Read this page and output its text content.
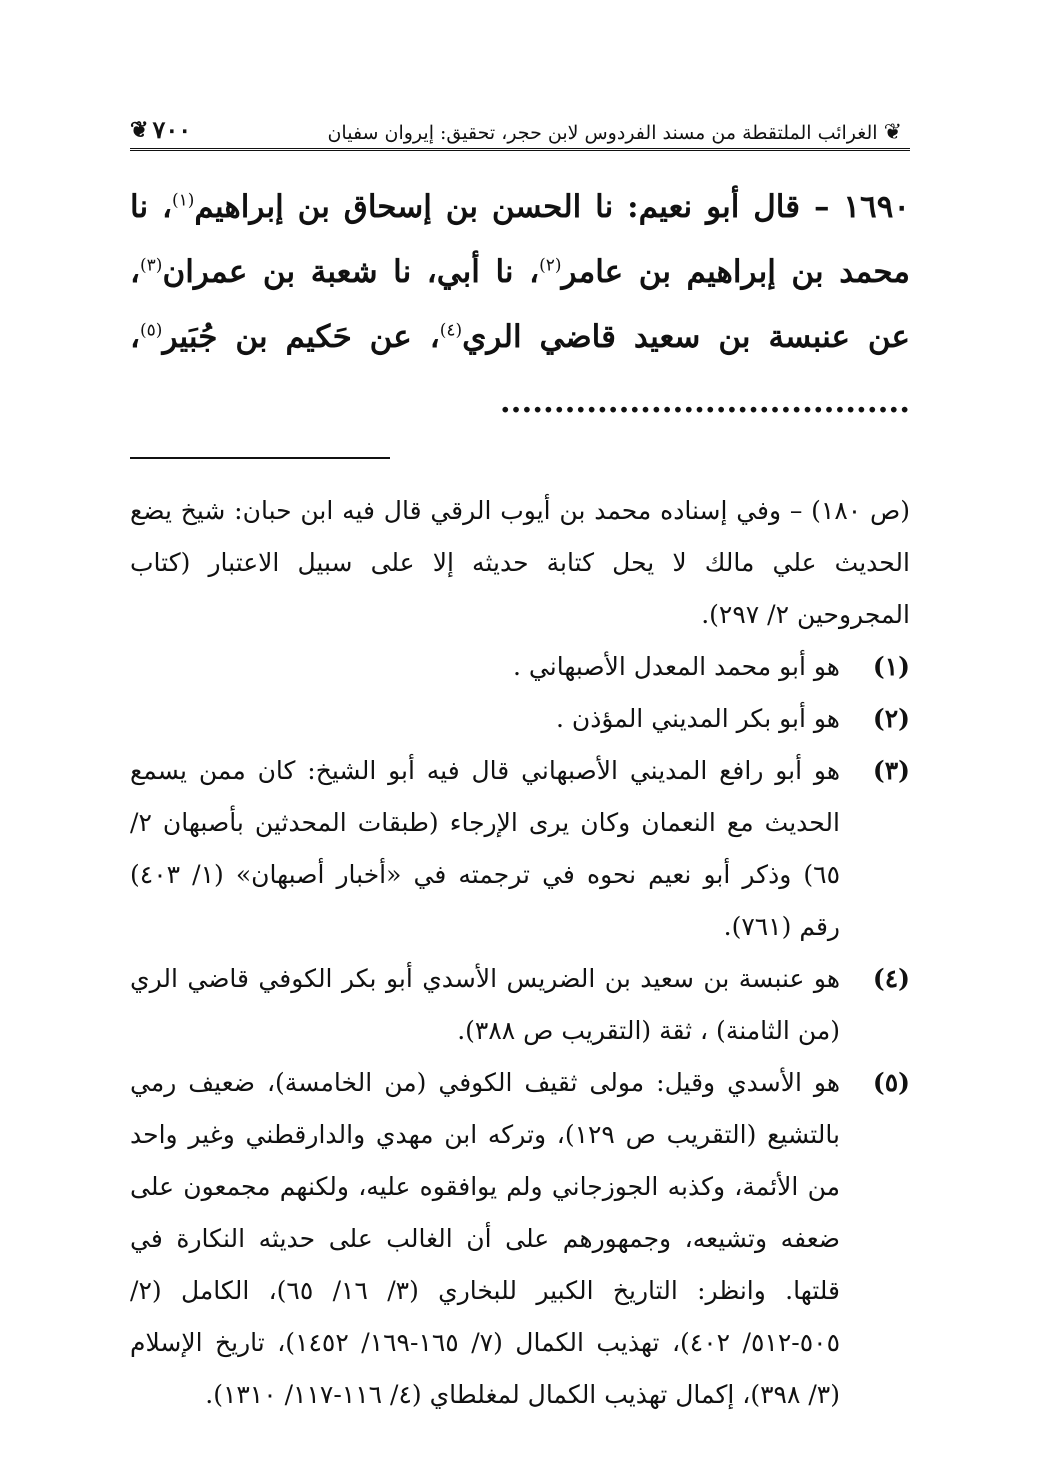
❦ الغرائب الملتقطة من مسند الفردوس لابن حجر، تحقيق: إيروان سفيان
٧٠٠
❦
١٦٩٠ – قال أبو نعيم: نا الحسن بن إسحاق بن إبراهيم$^{(١)}$، نا محمد بن إبراهيم بن عامر$^{(٢)}$، نا أبي، نا شعبة بن عمران$^{(٣)}$، عن عنبسة بن سعيد قاضي الري$^{(٤)}$، عن حَكيم بن جُبَير$^{(٥)}$، ......................................

(ص ١٨٠) – وفي إسناده محمد بن أيوب الرقي قال فيه ابن حبان: شيخ يضع الحديث علي مالك لا يحل كتابة حديثه إلا على سبيل الاعتبار (كتاب المجروحين ٢/ ٢٩٧).

(١)
هو أبو محمد المعدل الأصبهاني .
(٢)
هو أبو بكر المديني المؤذن .
(٣)
هو أبو رافع المديني الأصبهاني قال فيه أبو الشيخ: كان ممن يسمع الحديث مع النعمان وكان يرى الإرجاء (طبقات المحدثين بأصبهان ٢/ ٦٥) وذكر أبو نعيم نحوه في ترجمته في «أخبار أصبهان» (١/ ٤٠٣) رقم (٧٦١).
(٤)
هو عنبسة بن سعيد بن الضريس الأسدي أبو بكر الكوفي قاضي الري (من الثامنة) ، ثقة (التقريب ص ٣٨٨).
(٥)
هو الأسدي وقيل: مولى ثقيف الكوفي (من الخامسة)، ضعيف رمي بالتشيع (التقريب ص ١٢٩)، وتركه ابن مهدي والدارقطني وغير واحد من الأئمة، وكذبه الجوزجاني ولم يوافقوه عليه، ولكنهم مجمعون على ضعفه وتشيعه، وجمهورهم على أن الغالب على حديثه النكارة في قلتها. وانظر: التاريخ الكبير للبخاري (٣/ ١٦/ ٦٥)، الكامل (٢/ ٥٠٥-٥١٢/ ٤٠٢)، تهذيب الكمال (٧/ ١٦٥-١٦٩/ ١٤٥٢)، تاريخ الإسلام (٣/ ٣٩٨)، إكمال تهذيب الكمال لمغلطاي (٤/ ١١٦-١١٧/ ١٣١٠).
